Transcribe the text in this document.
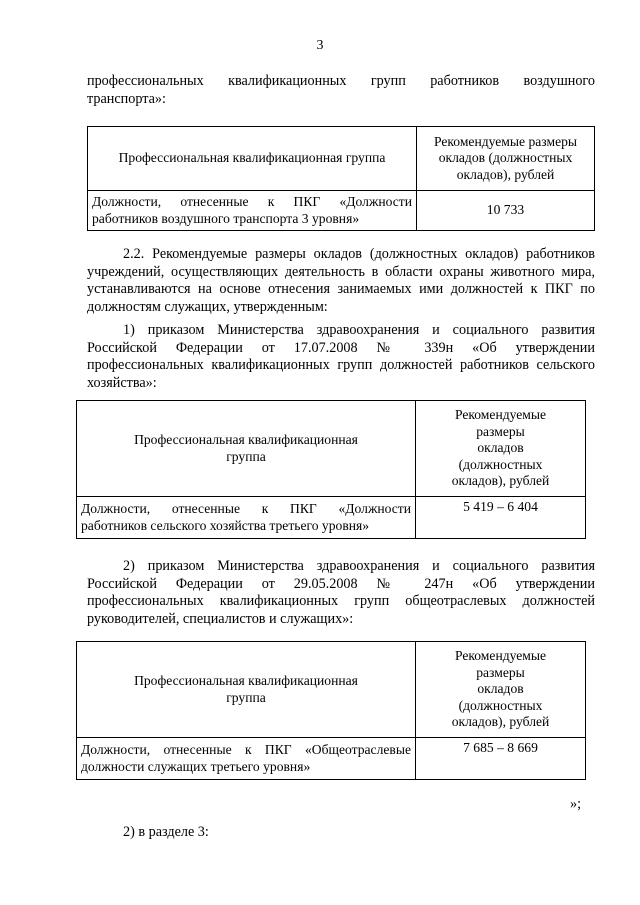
3
профессиональных квалификационных групп работников воздушного
транспорта»:
Профессиональная квалификационная группа	Рекомендуемые размеры
окладов (должностных
окладов), рублей

Должности, отнесенные к ПКГ «Должности
работников воздушного транспорта 3 уровня»	10 733
2.2. Рекомендуемые размеры окладов (должностных окладов) работников
учреждений, осуществляющих деятельность в области охраны животного мира,
устанавливаются на основе отнесения занимаемых ими должностей к ПКГ по
должностям служащих, утвержденным:
1) приказом Министерства здравоохранения и социального развития
Российской Федерации от 17.07.2008 № 339н «Об утверждении
профессиональных квалификационных групп должностей работников сельского
хозяйства»:
Профессиональная квалификационная
группа	Рекомендуемые
размеры
окладов
(должностных
окладов), рублей

Должности, отнесенные к ПКГ «Должности
работников сельского хозяйства третьего уровня»	5 419 – 6 404
2) приказом Министерства здравоохранения и социального развития
Российской Федерации от 29.05.2008 № 247н «Об утверждении
профессиональных квалификационных групп общеотраслевых должностей
руководителей, специалистов и служащих»:
Профессиональная квалификационная
группа	Рекомендуемые
размеры
окладов
(должностных
окладов), рублей

Должности, отнесенные к ПКГ «Общеотраслевые
должности служащих третьего уровня»	7 685 – 8 669
»;
2) в разделе 3:
